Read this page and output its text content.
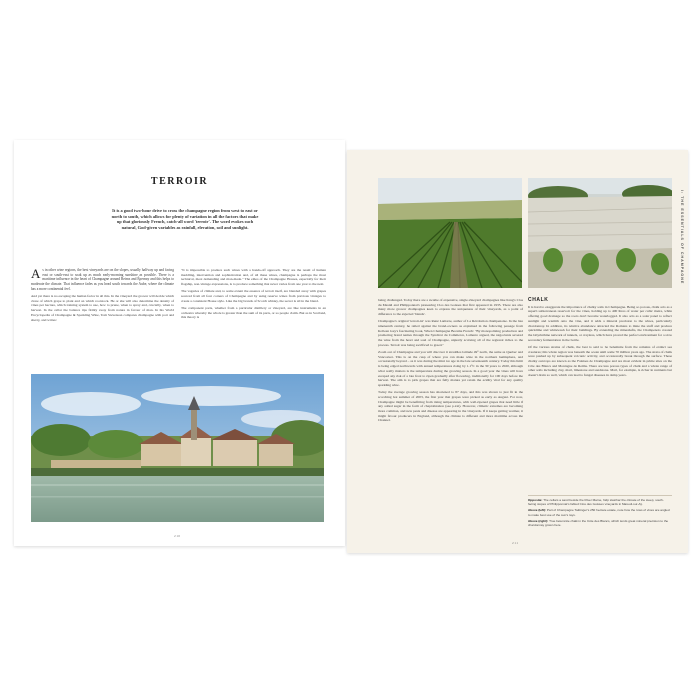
TERROIR
It is a good two-hour drive to cross the champagne region from west to east or north to south, which allows for plenty of variation in all the factors that make up that gloriously French, catch-all word 'terroir'. The word evokes such natural, God-given variables as rainfall, elevation, soil and sunlight.

As in other wine regions, the best vineyards are on the slopes, usually halfway up and facing east or south-east to soak up as much early-morning sunshine as possible. There is a maritime influence in the heart of Champagne around Reims and Épernay and this helps to moderate the climate. That influence fades as you head south towards the Aube, where the climate has a more continental feel.

And yet there is no escaping the human factor in all this. In the vineyard the grower will decide which clone of which grape to plant and on which rootstock. He or she will also determine the density of vines per hectare, which training system to use, how to prune, when to spray and, crucially, when to harvest. In the cellar the balance tips firmly away from nature in favour of man. In his World Encyclopedia of Champagne & Sparkling Wine, Tom Stevenson compares champagne with port and sherry, and writes:

"It is impossible to produce such wines with a hands-off approach. They are the result of human meddling, intervention and sophistication and, of all these wines, champagne is perhaps the most technical, most demanding and man-made." The ethos of the Champagne Houses, especially for their flagship, non-vintage expressions, is to produce something that never varies from one year to the next.

The vagaries of climate and, to some extent the essence of terroir itself, are blended away with grapes sourced from all four corners of Champagne and by using reserve wines from previous vintages to create a consistent House style. Like the big brands of Scotch whisky, the secret is all in the blend.

The component parts, whether from a particular distillery or vineyard, are like instruments in an orchestra whereby the whole is greater than the sum of its parts, or so people claim. But as in Scotland, this theory is

210

being challenged. Today there are a swathe of expensive, single-vineyard champagnes like Krug's Clos du Mesnil and Philipponnat's pioneering Clos des Goisses that first appeared in 1935. There are also many more grower champagnes keen to express the uniqueness of their vineyards, as a point of difference to the exjected 'blends'.

Champagne's original 'terroir-ist' was René Lamarre, author of La Révolution champenoise. In the late nineteenth century, he railed against the brand-owners as explained in the following passage from Kolleen Guy's fascinating book, When Champagne Became French: "By monopolizing production and promoting brand names through the Syndicat du Commerce, Lamarre argued, the négociants severed the wine from the heart and soul of Champagne, unjustly accruing all of the regional riches to the process. Terroir was being sacrificed to greed."

Zoom out of Champagne and you will discover it straddles latitude 49° north, the same as Quebec and Vancouver. This is on the cusp of where you can make wine in the northern hemisphere, and occasionally beyond – as it was during the mini ice age in the late seventeenth century. Today this limit is being edged northwards with annual temperatures rising by 1.1°C in the 30 years to 2020, although what really matters is the temperature during the growing season. In a good year the vines will have escaped any risk of a late frost to ripen gradually after flowering, traditionally for 100 days before the harvest. The aim is to pick grapes that are fully mature yet retain the acidity vital for any quality sparkling wine.

Today the average growing season has shortened to 87 days, and this was shown to just fit in the scorching hot summer of 2003, the first year that grapes were picked as early as August. For now, Champagne might be benefitting from rising temperatures, with well-ripened grapes that need little if any added sugar in the form of chaptalization (see p.xxi). However, climatic extremes are becoming more common, and new pests and disease are appearing in the vineyards. If it keeps getting warmer, it might favour producers in England, although the climate is different and more maritime across the Channel.

CHALK

It is hard to exaggerate the importance of chalky soils in Champagne. Being so porous, chalk acts as a superb subterranean reservoir for the vines, holding up to 400 litres of water per cubic metre, while offering good drainage so the roots don't become waterlogged. It also acts as a solar panel to reflect sunlight and warmth onto the vine, and it adds a mineral precision to the wines, particularly chardonnay. In addition, its relative abundance attracted the Romans to mine the stuff and produce quicklime and whitewash for their buildings. By extending the mineshafts, the Champenois created the labyrinthine network of tunnels, or crayères, which have proved the perfect environment for a slow secondary fermentation in the bottle.

Of the various strains of chalk, the best is said to be belemnite from the remains of extinct sea creatures; this whole region was beneath the ocean until some 70 million years ago. The strata of chalk were pushed up by subsequent volcanic activity, and occasionally break through the surface. These chalky outcrops are known as the Falaises de Champagne and are most evident in prime sites on the Côte des Blancs and Montagne de Reims. There are less porous types of chalk and a whole range of other soils including clay, marl, limestone and sandstone. Marl, for example, is richer in nutrients but doesn't drain so well, which can lead to fungal diseases in damp years.

Opposite: The cellars a sand beside the River Marne, hidp slatchar the climate of the steep, south-facing slopes of Philipponnat's fabled Clos des Goisses vineyards in Mareuil-sur-Aÿ.

Above (left): Part of Champagne Taittinger's 250 hectare estate, note how the rows of vines are angled to make best use of the sun's rays.

Above (right): True belemnite chalk in the Côte des Blancs, which lends great mineral precision to the chardonnay grown here.

I: THE ESSENTIALS OF CHAMPAGNE
211
